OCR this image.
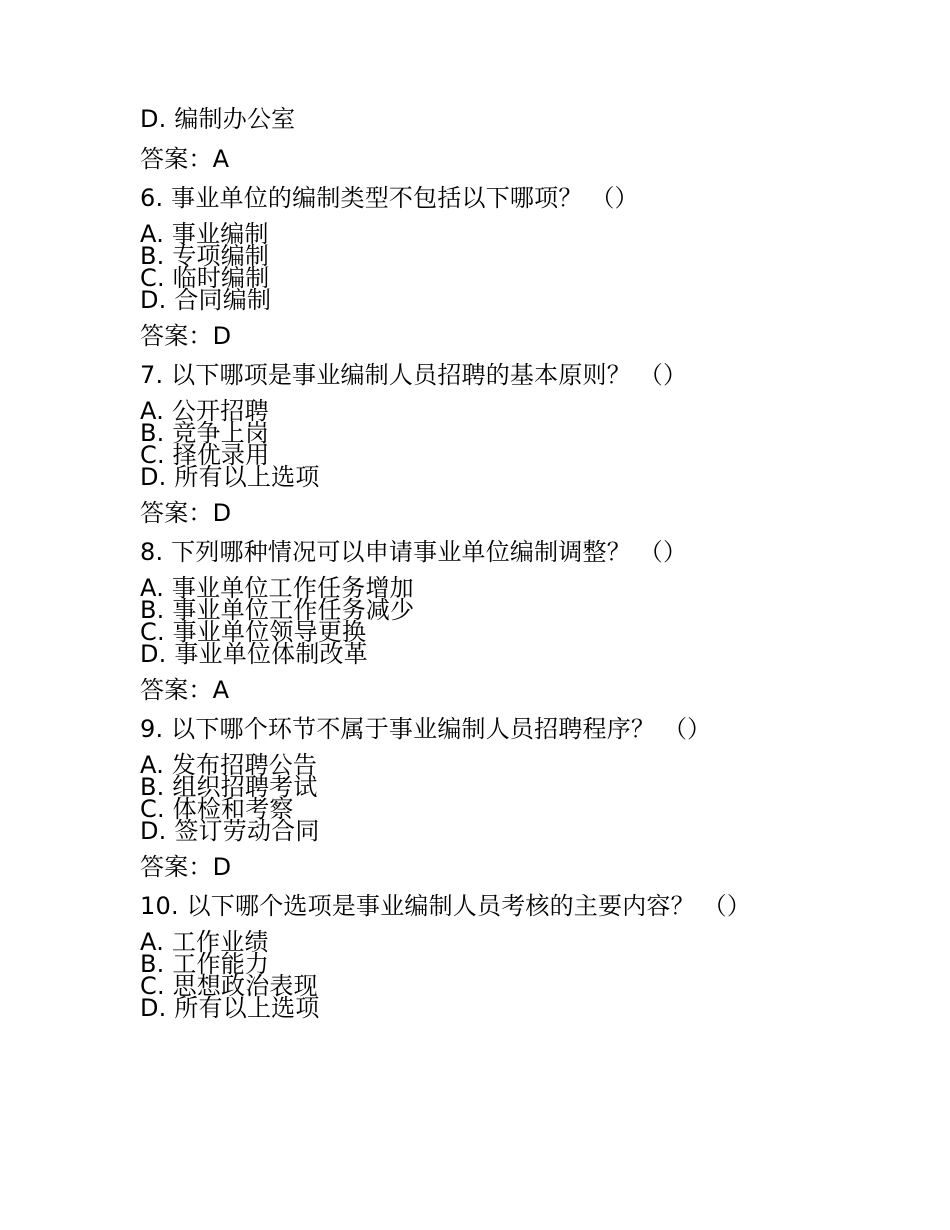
D. 编制办公室
答案：A
6. 事业单位的编制类型不包括以下哪项？ （）
A. 事业编制
B. 专项编制
C. 临时编制
D. 合同编制
答案：D
7. 以下哪项是事业编制人员招聘的基本原则？ （）
A. 公开招聘
B. 竞争上岗
C. 择优录用
D. 所有以上选项
答案：D
8. 下列哪种情况可以申请事业单位编制调整？ （）
A. 事业单位工作任务增加
B. 事业单位工作任务减少
C. 事业单位领导更换
D. 事业单位体制改革
答案：A
9. 以下哪个环节不属于事业编制人员招聘程序？ （）
A. 发布招聘公告
B. 组织招聘考试
C. 体检和考察
D. 签订劳动合同
答案：D
10. 以下哪个选项是事业编制人员考核的主要内容？ （）
A. 工作业绩
B. 工作能力
C. 思想政治表现
D. 所有以上选项
